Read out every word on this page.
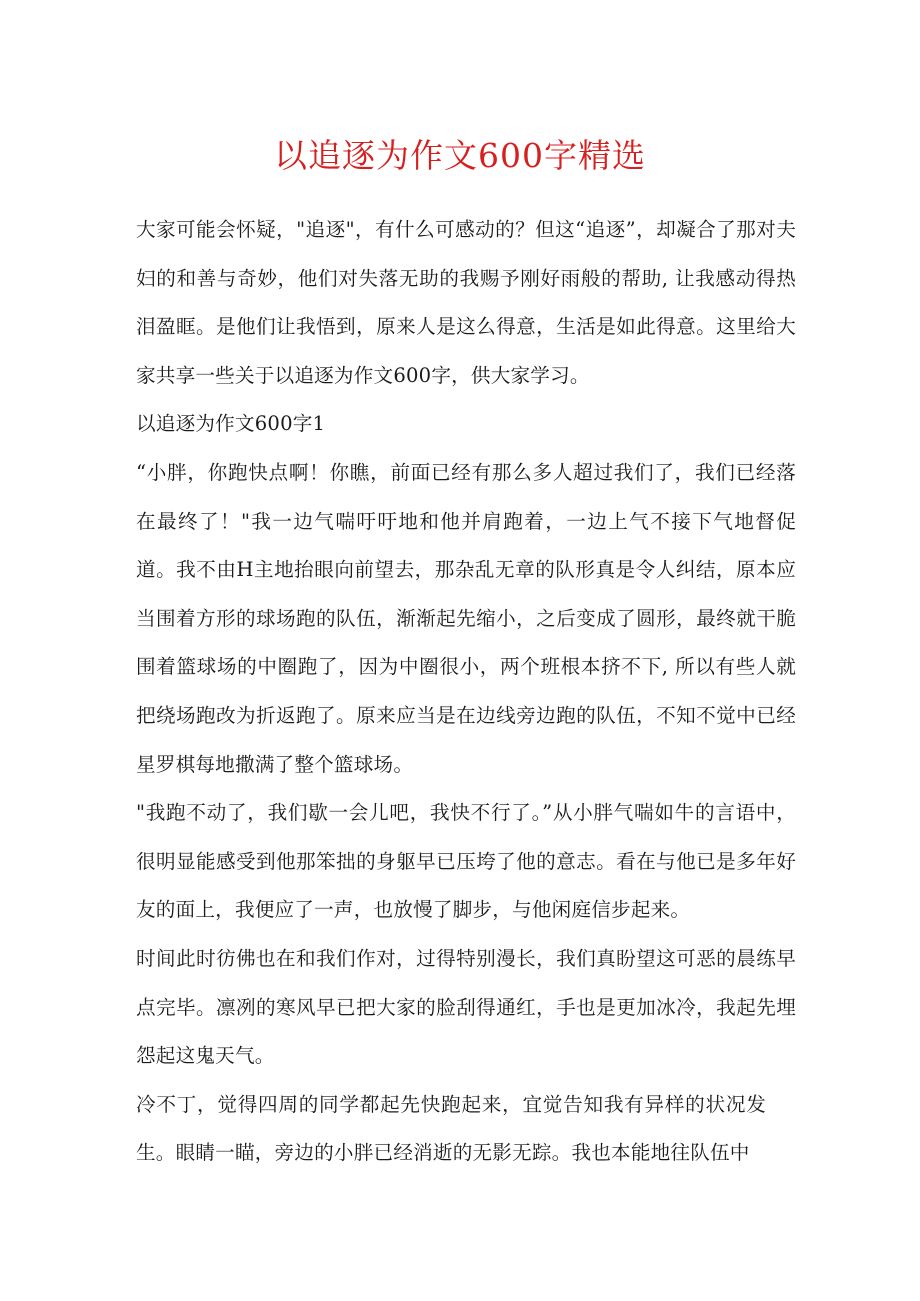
以追逐为作文600字精选

大家可能会怀疑，"追逐"，有什么可感动的？但这“追逐”，却凝合了那对夫妇的和善与奇妙，他们对失落无助的我赐予刚好雨般的帮助, 让我感动得热泪盈眶。是他们让我悟到，原来人是这么得意，生活是如此得意。这里给大家共享一些关于以追逐为作文600字，供大家学习。

以追逐为作文600字1

“小胖，你跑快点啊！你瞧，前面已经有那么多人超过我们了，我们已经落在最终了！"我一边气喘吁吁地和他并肩跑着，一边上气不接下气地督促道。我不由H主地抬眼向前望去，那杂乱无章的队形真是令人纠结，原本应当围着方形的球场跑的队伍，渐渐起先缩小，之后变成了圆形，最终就干脆围着篮球场的中圈跑了，因为中圈很小，两个班根本挤不下, 所以有些人就把绕场跑改为折返跑了。原来应当是在边线旁边跑的队伍，不知不觉中已经星罗棋每地撒满了整个篮球场。

"我跑不动了，我们歇一会儿吧，我快不行了。”从小胖气喘如牛的言语中，很明显能感受到他那笨拙的身躯早已压垮了他的意志。看在与他已是多年好友的面上，我便应了一声，也放慢了脚步，与他闲庭信步起来。

时间此时彷佛也在和我们作对，过得特别漫长，我们真盼望这可恶的晨练早点完毕。凛冽的寒风早已把大家的脸刮得通红，手也是更加冰冷，我起先埋怨起这鬼天气。

冷不丁，觉得四周的同学都起先快跑起来，宜觉告知我有异样的状况发生。眼睛一瞄，旁边的小胖已经消逝的无影无踪。我也本能地往队伍中
